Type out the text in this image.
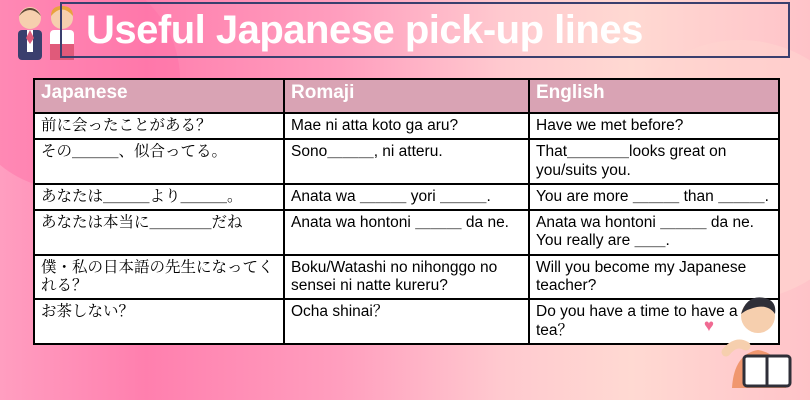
Useful Japanese pick-up lines
Japanese	Romaji	English
前に会ったことがある？	Mae ni atta koto ga aru?	Have we met before?
その＿＿＿、似合ってる。	Sono＿＿＿, ni atteru.	That＿＿＿＿looks great on you/suits you.
あなたは＿＿＿より＿＿＿。	Anata wa ＿＿＿ yori ＿＿＿.	You are more ＿＿＿ than ＿＿＿.
あなたは本当に＿＿＿＿だね	Anata wa hontoni ＿＿＿ da ne.	Anata wa hontoni ＿＿＿ da ne. You really are ＿＿.
僕・私の日本語の先生になってくれる？	Boku/Watashi no nihonggo no sensei ni natte kureru?	Will you become my Japanese teacher?
お茶しない？	Ocha shinai？	Do you have a time to have a tea？	♥
